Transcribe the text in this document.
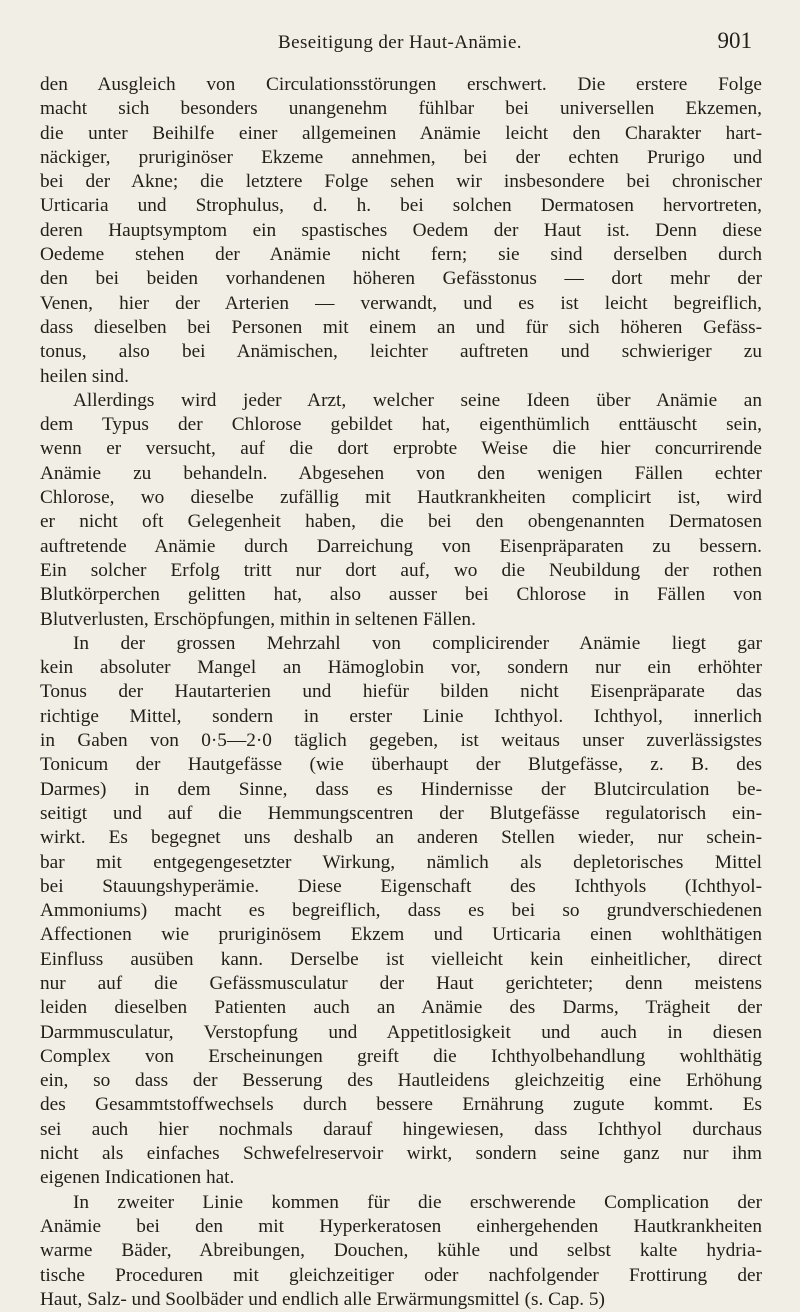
Beseitigung der Haut-Anämie.	901
den Ausgleich von Circulationsstörungen erschwert. Die erstere Folge
macht sich besonders unangenehm fühlbar bei universellen Ekzemen,
die unter Beihilfe einer allgemeinen Anämie leicht den Charakter hart-
näckiger, pruriginöser Ekzeme annehmen, bei der echten Prurigo und
bei der Akne; die letztere Folge sehen wir insbesondere bei chronischer
Urticaria und Strophulus, d. h. bei solchen Dermatosen hervortreten,
deren Hauptsymptom ein spastisches Oedem der Haut ist. Denn diese
Oedeme stehen der Anämie nicht fern; sie sind derselben durch
den bei beiden vorhandenen höheren Gefässtonus — dort mehr der
Venen, hier der Arterien — verwandt, und es ist leicht begreiflich,
dass dieselben bei Personen mit einem an und für sich höheren Gefäss-
tonus, also bei Anämischen, leichter auftreten und schwieriger zu
heilen sind.
Allerdings wird jeder Arzt, welcher seine Ideen über Anämie an
dem Typus der Chlorose gebildet hat, eigenthümlich enttäuscht sein,
wenn er versucht, auf die dort erprobte Weise die hier concurrirende
Anämie zu behandeln. Abgesehen von den wenigen Fällen echter
Chlorose, wo dieselbe zufällig mit Hautkrankheiten complicirt ist, wird
er nicht oft Gelegenheit haben, die bei den obengenannten Dermatosen
auftretende Anämie durch Darreichung von Eisenpräparaten zu bessern.
Ein solcher Erfolg tritt nur dort auf, wo die Neubildung der rothen
Blutkörperchen gelitten hat, also ausser bei Chlorose in Fällen von
Blutverlusten, Erschöpfungen, mithin in seltenen Fällen.
In der grossen Mehrzahl von complicirender Anämie liegt gar
kein absoluter Mangel an Hämoglobin vor, sondern nur ein erhöhter
Tonus der Hautarterien und hiefür bilden nicht Eisenpräparate das
richtige Mittel, sondern in erster Linie Ichthyol. Ichthyol, innerlich
in Gaben von 0·5—2·0 täglich gegeben, ist weitaus unser zuverlässigstes
Tonicum der Hautgefässe (wie überhaupt der Blutgefässe, z. B. des
Darmes) in dem Sinne, dass es Hindernisse der Blutcirculation be-
seitigt und auf die Hemmungscentren der Blutgefässe regulatorisch ein-
wirkt. Es begegnet uns deshalb an anderen Stellen wieder, nur schein-
bar mit entgegengesetzter Wirkung, nämlich als depletorisches Mittel
bei Stauungshyperämie. Diese Eigenschaft des Ichthyols (Ichthyol-
Ammoniums) macht es begreiflich, dass es bei so grundverschiedenen
Affectionen wie pruriginösem Ekzem und Urticaria einen wohlthätigen
Einfluss ausüben kann. Derselbe ist vielleicht kein einheitlicher, direct
nur auf die Gefässmusculatur der Haut gerichteter; denn meistens
leiden dieselben Patienten auch an Anämie des Darms, Trägheit der
Darmmusculatur, Verstopfung und Appetitlosigkeit und auch in diesen
Complex von Erscheinungen greift die Ichthyolbehandlung wohlthätig
ein, so dass der Besserung des Hautleidens gleichzeitig eine Erhöhung
des Gesammtstoffwechsels durch bessere Ernährung zugute kommt. Es
sei auch hier nochmals darauf hingewiesen, dass Ichthyol durchaus
nicht als einfaches Schwefelreservoir wirkt, sondern seine ganz nur ihm
eigenen Indicationen hat.
In zweiter Linie kommen für die erschwerende Complication der
Anämie bei den mit Hyperkeratosen einhergehenden Hautkrankheiten
warme Bäder, Abreibungen, Douchen, kühle und selbst kalte hydria-
tische Proceduren mit gleichzeitiger oder nachfolgender Frottirung der
Haut, Salz- und Soolbäder und endlich alle Erwärmungsmittel (s. Cap. 5)
